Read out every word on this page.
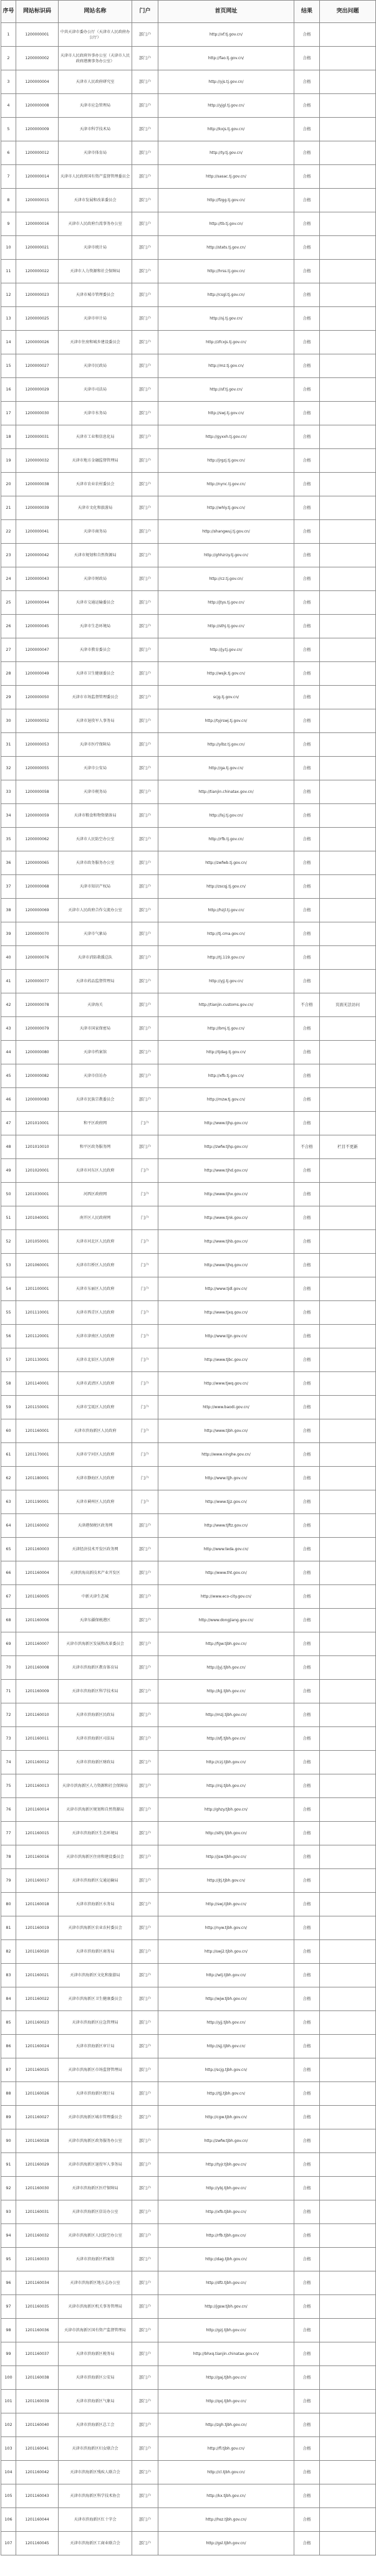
序号	网站标识码	网站名称	门户	首页网址	结果	突出问题
1	1200000001	中共天津市委办公厅（天津市人民政府办公厅）	部门户	http://xf.tj.gov.cn/	合格	
2	1200000002	天津市人民政府外事办公室（天津市人民政府港澳事务办公室）	部门户	http://fao.tj.gov.cn/	合格	
3	1200000004	天津市人民政府研究室	部门户	http://yjs.tj.gov.cn/	合格	
4	1200000008	天津市应急管理局	部门户	http://yjgl.tj.gov.cn/	合格	
5	1200000009	天津市科学技术局	部门户	http://kxjs.tj.gov.cn/	合格	
6	1200000012	天津市体育局	部门户	http://ty.tj.gov.cn/	合格	
7	1200000014	天津市人民政府国有资产监督管理委员会	部门户	http://sasac.tj.gov.cn/	合格	
8	1200000015	天津市发展和改革委员会	部门户	http://fzgg.tj.gov.cn/	合格	
9	1200000016	天津市人民政府台湾事务办公室	部门户	http://tb.tj.gov.cn/	合格	
10	1200000021	天津市统计局	部门户	http://stats.tj.gov.cn/	合格	
11	1200000022	天津市人力资源和社会保障局	部门户	http://hrss.tj.gov.cn/	合格	
12	1200000023	天津市城市管理委员会	部门户	http://csgl.tj.gov.cn/	合格	
13	1200000025	天津市审计局	部门户	http://sj.tj.gov.cn/	合格	
14	1200000026	天津市住房和城乡建设委员会	部门户	http://zfcxjs.tj.gov.cn/	合格	
15	1200000027	天津市民政局	部门户	http://mz.tj.gov.cn/	合格	
16	1200000029	天津市司法局	部门户	http://sf.tj.gov.cn/	合格	
17	1200000030	天津市水务局	部门户	http://swj.tj.gov.cn/	合格	
18	1200000031	天津市工业和信息化局	部门户	http://gyxxh.tj.gov.cn/	合格	
19	1200000032	天津市地方金融监督管理局	部门户	http://jrgzj.tj.gov.cn/	合格	
20	1200000038	天津市农业农村委员会	部门户	http://nync.tj.gov.cn/	合格	
21	1200000039	天津市文化和旅游局	部门户	http://whly.tj.gov.cn/	合格	
22	1200000041	天津市商务局	部门户	http://shangwuj.tj.gov.cn/	合格	
23	1200000042	天津市规划和自然资源局	部门户	http://ghhzrzy.tj.gov.cn/	合格	
24	1200000043	天津市财政局	部门户	http://cz.tj.gov.cn/	合格	
25	1200000044	天津市交通运输委员会	部门户	http://jtys.tj.gov.cn/	合格	
26	1200000045	天津市生态环境局	部门户	http://sthj.tj.gov.cn/	合格	
27	1200000047	天津市教育委员会	部门户	http://jy.tj.gov.cn/	合格	
28	1200000049	天津市卫生健康委员会	部门户	http://wsjk.tj.gov.cn/	合格	
29	1200000050	天津市市场监督管理委员会	部门户	scjg.tj.gov.cn/	合格	
30	1200000052	天津市退役军人事务局	部门户	http://tyjrswj.tj.gov.cn/	合格	
31	1200000053	天津市医疗保障局	部门户	http://ylbz.tj.gov.cn/	合格	
32	1200000055	天津市公安局	部门户	http://ga.tj.gov.cn/	合格	
33	1200000058	天津市税务局	部门户	http://tianjin.chinatax.gov.cn/	合格	
34	1200000059	天津市粮食和物资储备局	部门户	http://lsj.tj.gov.cn/	合格	
35	1200000062	天津市人民防空办公室	部门户	http://rfb.tj.gov.cn/	合格	
36	1200000065	天津市政务服务办公室	部门户	http://zwfwb.tj.gov.cn/	合格	
37	1200000068	天津市知识产权局	部门户	http://zscqj.tj.gov.cn/	合格	
38	1200000069	天津市人民政府合作交流办公室	部门户	http://hzjl.tj.gov.cn/	合格	
39	1200000070	天津市气象局	部门户	http://tj.cma.gov.cn/	合格	
40	1200000076	天津市消防救援总队	部门户	http://tj.119.gov.cn/	合格	
41	1200000077	天津市药品监督管理局	部门户	http://yjj.tj.gov.cn/	合格	
42	1200000078	天津海关	部门户	http://tianjin.customs.gov.cn/	不合格	页面无法访问
43	1200000079	天津市国家保密局	部门户	http://bmj.tj.gov.cn/	合格	
44	1200000080	天津市档案馆	部门户	http://tjdag.tj.gov.cn/	合格	
45	1200000082	天津市信访办	部门户	http://xfb.tj.gov.cn/	合格	
46	1200000083	天津市民族宗教委员会	部门户	http://mzw.tj.gov.cn/	合格	
47	1201010001	和平区政府网	门户	http://www.tjhp.gov.cn/	合格	
48	1201010010	和平区政务服务网	部门户	http://zwfw.tjhp.gov.cn/	不合格	栏目不更新
49	1201020001	天津市河东区人民政府	门户	http://www.tjhd.gov.cn/	合格	
50	1201030001	河西区政府网	门户	http://www.tjhx.gov.cn/	合格	
51	1201040001	南开区人民政府网	门户	http://www.tjnk.gov.cn/	合格	
52	1201050001	天津市河北区人民政府	门户	http://www.tjhb.gov.cn/	合格	
53	1201060001	天津市红桥区人民政府	门户	http://www.tjhq.gov.cn/	合格	
54	1201100001	天津市东丽区人民政府	门户	http://www.tjdl.gov.cn/	合格	
55	1201110001	天津市西青区人民政府	门户	http://www.tjxq.gov.cn/	合格	
56	1201120001	天津市津南区人民政府	门户	http://www.tjjn.gov.cn/	合格	
57	1201130001	天津市北辰区人民政府	门户	http://www.tjbc.gov.cn/	合格	
58	1201140001	天津市武清区人民政府	门户	http://www.tjwq.gov.cn/	合格	
59	1201150001	天津市宝坻区人民政府	门户	http://www.baodi.gov.cn/	合格	
60	1201160001	天津市滨海新区人民政府	门户	http://www.tjbh.gov.cn/	合格	
61	1201170001	天津市宁河区人民政府	门户	http://www.ninghe.gov.cn/	合格	
62	1201180001	天津市静海区人民政府	门户	http://www.tjjh.gov.cn/	合格	
63	1201190001	天津市蓟州区人民政府	门户	http://www.tjjz.gov.cn/	合格	
64	1201160002	天津港保税区政务网	部门户	http://www.tjftz.gov.cn/	合格	
65	1201160003	天津经济技术开发区政务网	部门户	http://www.teda.gov.cn/	合格	
66	1201160004	天津滨海高新技术产业开发区	部门户	http://www.tht.gov.cn/	合格	
67	1201160005	中新天津生态城	部门户	http://www.eco-city.gov.cn/	合格	
68	1201160006	天津东疆保税港区	部门户	http://www.dongjiang.gov.cn/	合格	
69	1201160007	天津市滨海新区发展和改革委员会	部门户	http://fgw.tjbh.gov.cn/	合格	
70	1201160008	天津市滨海新区教育体育局	部门户	http://jyj.tjbh.gov.cn/	合格	
71	1201160009	天津市滨海新区科学技术局	部门户	http://kjj.tjbh.gov.cn/	合格	
72	1201160010	天津市滨海新区民政局	部门户	http://mzj.tjbh.gov.cn/	合格	
73	1201160011	天津市滨海新区司法局	部门户	http://sfj.tjbh.gov.cn/	合格	
74	1201160012	天津市滨海新区财政局	部门户	http://czj.tjbh.gov.cn/	合格	
75	1201160013	天津市滨海新区人力资源和社会保障局	部门户	http://rsj.tjbh.gov.cn/	合格	
76	1201160014	天津市滨海新区规划和自然资源局	部门户	http://ghzy.tjbh.gov.cn/	合格	
77	1201160015	天津市滨海新区生态环境局	部门户	http://sthj.tjbh.gov.cn/	合格	
78	1201160016	天津市滨海新区住房和建设委员会	部门户	http://jsw.tjbh.gov.cn/	合格	
79	1201160017	天津市滨海新区交通运输局	部门户	http://jtj.tjbh.gov.cn/	合格	
80	1201160018	天津市滨海新区水务局	部门户	http://swj.tjbh.gov.cn/	合格	
81	1201160019	天津市滨海新区农业农村委员会	部门户	http://nyw.tjbh.gov.cn/	合格	
82	1201160020	天津市滨海新区商务局	部门户	http://swj2.tjbh.gov.cn/	合格	
83	1201160021	天津市滨海新区文化和旅游局	部门户	http://wlj.tjbh.gov.cn/	合格	
84	1201160022	天津市滨海新区卫生健康委员会	部门户	http://wjw.tjbh.gov.cn/	合格	
85	1201160023	天津市滨海新区应急管理局	部门户	http://yjj.tjbh.gov.cn/	合格	
86	1201160024	天津市滨海新区审计局	部门户	http://sjj.tjbh.gov.cn/	合格	
87	1201160025	天津市滨海新区市场监督管理局	部门户	http://scjg.tjbh.gov.cn/	合格	
88	1201160026	天津市滨海新区统计局	部门户	http://tjj.tjbh.gov.cn/	合格	
89	1201160027	天津市滨海新区城市管理委员会	部门户	http://cgw.tjbh.gov.cn/	合格	
90	1201160028	天津市滨海新区政务服务办公室	部门户	http://zwfw.tjbh.gov.cn/	合格	
91	1201160029	天津市滨海新区退役军人事务局	部门户	http://tyjr.tjbh.gov.cn/	合格	
92	1201160030	天津市滨海新区医疗保障局	部门户	http://ybj.tjbh.gov.cn/	合格	
93	1201160031	天津市滨海新区信访办公室	部门户	http://xfb.tjbh.gov.cn/	合格	
94	1201160032	天津市滨海新区人民防空办公室	部门户	http://rfb.tjbh.gov.cn/	合格	
95	1201160033	天津市滨海新区档案馆	部门户	http://dag.tjbh.gov.cn/	合格	
96	1201160034	天津市滨海新区地方志办公室	部门户	http://dfz.tjbh.gov.cn/	合格	
97	1201160035	天津市滨海新区机关事务管理局	部门户	http://jgsw.tjbh.gov.cn/	合格	
98	1201160036	天津市滨海新区国有资产监督管理局	部门户	http://gzj.tjbh.gov.cn/	合格	
99	1201160037	天津市滨海新区税务局	部门户	http://bhxq.tianjin.chinatax.gov.cn/	合格	
100	1201160038	天津市滨海新区公安局	部门户	http://gaj.tjbh.gov.cn/	合格	
101	1201160039	天津市滨海新区气象局	部门户	http://qxj.tjbh.gov.cn/	合格	
102	1201160040	天津市滨海新区总工会	部门户	http://zgh.tjbh.gov.cn/	合格	
103	1201160041	天津市滨海新区妇女联合会	部门户	http://fl.tjbh.gov.cn/	合格	
104	1201160042	天津市滨海新区残疾人联合会	部门户	http://cl.tjbh.gov.cn/	合格	
105	1201160043	天津市滨海新区科学技术协会	部门户	http://kx.tjbh.gov.cn/	合格	
106	1201160044	天津市滨海新区红十字会	部门户	http://hsz.tjbh.gov.cn/	合格	
107	1201160045	天津市滨海新区工商业联合会	部门户	http://gsl.tjbh.gov.cn/	合格	
